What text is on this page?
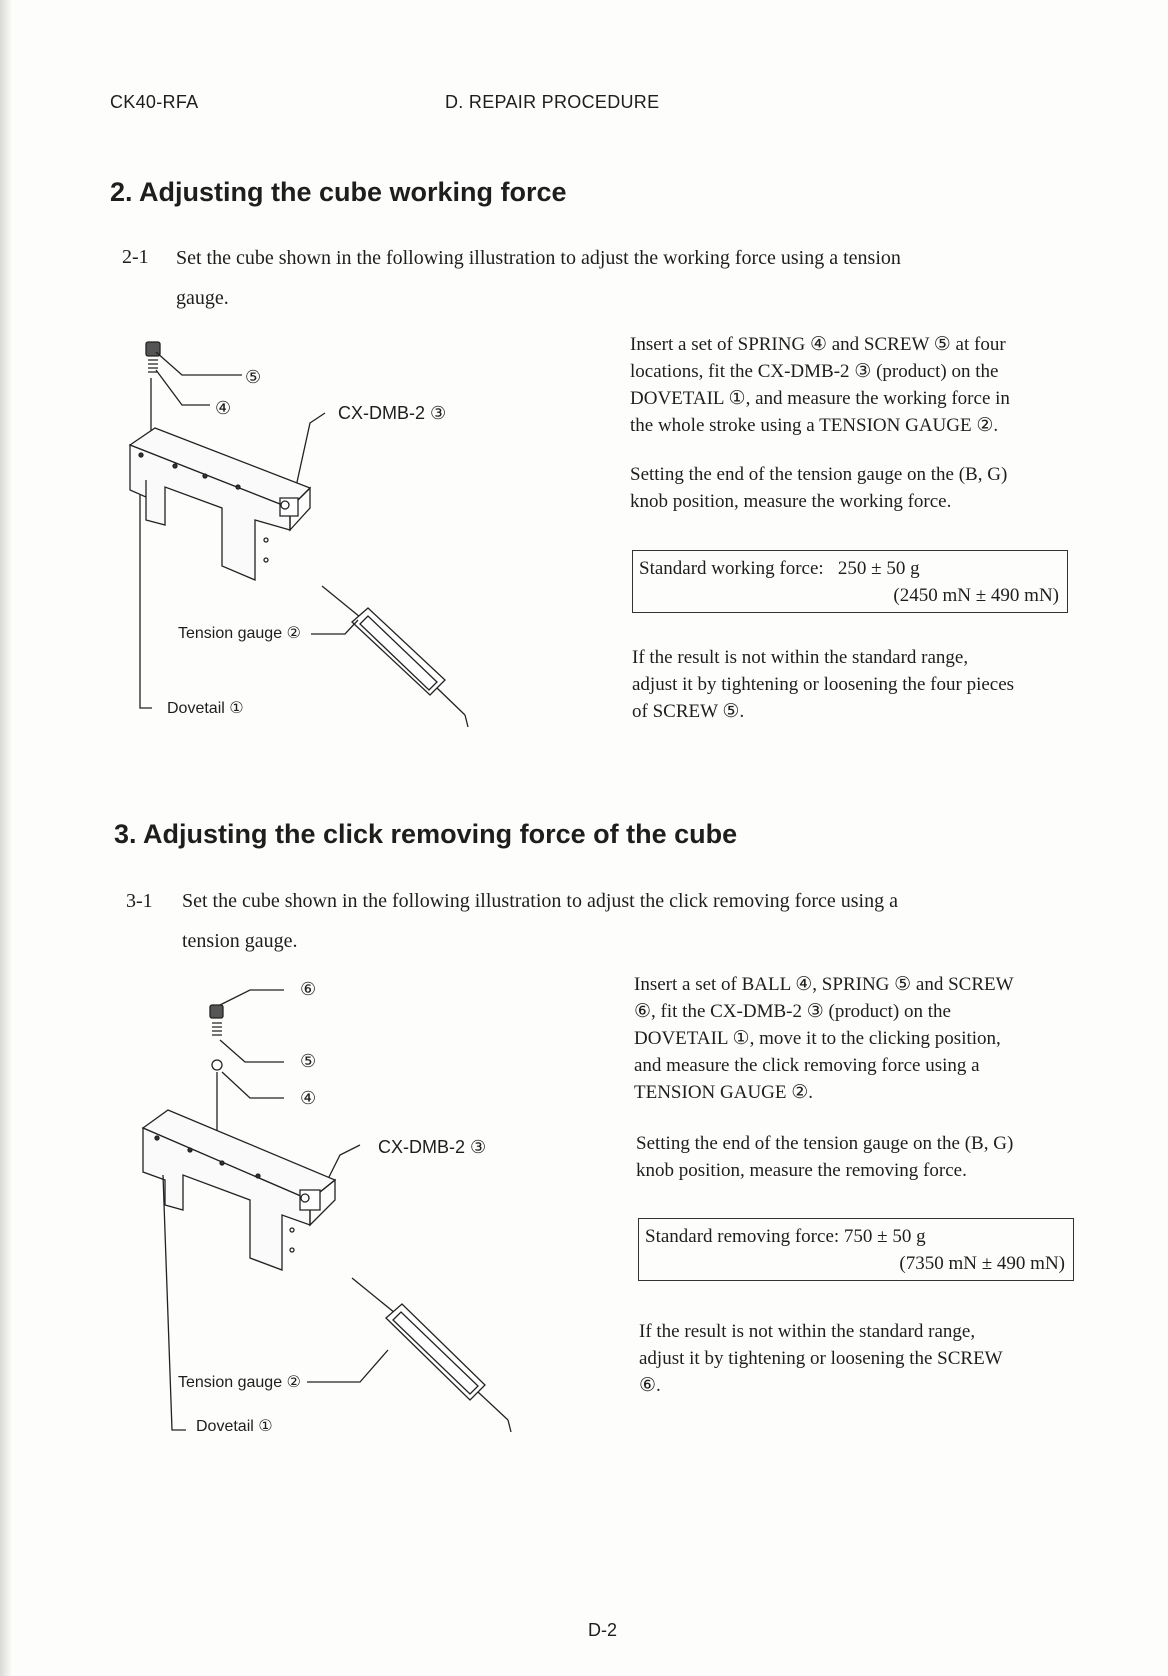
CK40-RFA	D. REPAIR PROCEDURE
2. Adjusting the cube working force
2-1 Set the cube shown in the following illustration to adjust the working force using a tension
gauge.
Insert a set of SPRING ④ and SCREW ⑤ at four
locations, fit the CX-DMB-2 ③ (product) on the
DOVETAIL ①, and measure the working force in
the whole stroke using a TENSION GAUGE ②.
Setting the end of the tension gauge on the (B, G)
knob position, measure the working force.
Standard working force:   250 ± 50 g
(2450 mN ± 490 mN)
If the result is not within the standard range,
adjust it by tightening or loosening the four pieces
of SCREW ⑤.
⑤
④	CX-DMB-2 ③
Tension gauge ②
Dovetail ①
3. Adjusting the click removing force of the cube
3-1 Set the cube shown in the following illustration to adjust the click removing force using a
tension gauge.
Insert a set of BALL ④, SPRING ⑤ and SCREW
⑥, fit the CX-DMB-2 ③ (product) on the
DOVETAIL ①, move it to the clicking position,
and measure the click removing force using a
TENSION GAUGE ②.
Setting the end of the tension gauge on the (B, G)
knob position, measure the removing force.
Standard removing force: 750 ± 50 g
(7350 mN ± 490 mN)
If the result is not within the standard range,
adjust it by tightening or loosening the SCREW
⑥.
⑥
⑤
④
CX-DMB-2 ③
Tension gauge ②
Dovetail ①
D-2
